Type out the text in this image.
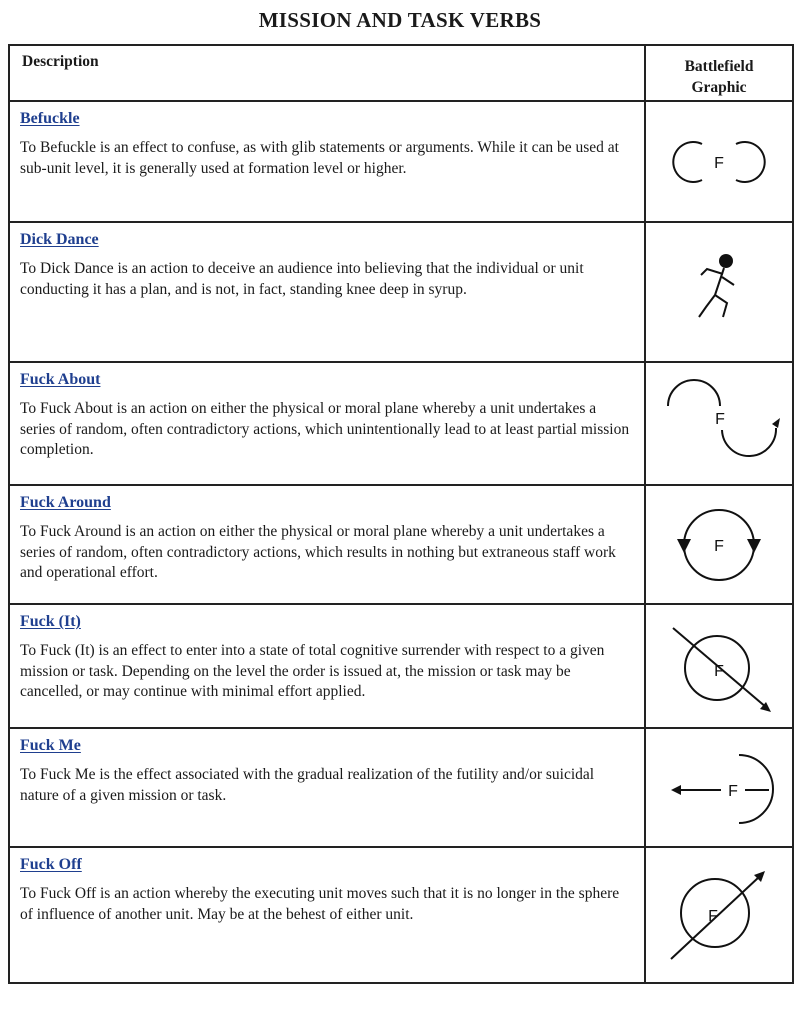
MISSION AND TASK VERBS
Description	Battlefield
Graphic
Befuckle

To Befuckle is an effect to confuse, as with glib statements or arguments. While it can be used at sub-unit level, it is generally used at formation level or higher.	F

Dick Dance

To Dick Dance is an action to deceive an audience into believing that the individual or unit conducting it has a plan, and is not, in fact, standing knee deep in syrup.

Fuck About

To Fuck About is an action on either the physical or moral plane whereby a unit undertakes a series of random, often contradictory actions, which unintentionally lead to at least partial mission completion.	F

Fuck Around

To Fuck Around is an action on either the physical or moral plane whereby a unit undertakes a series of random, often contradictory actions, which results in nothing but extraneous staff work and operational effort.	F

Fuck (It)

To Fuck (It) is an effect to enter into a state of total cognitive surrender with respect to a given mission or task. Depending on the level the order is issued at, the mission or task may be cancelled, or may continue with minimal effort applied.	F

Fuck Me

To Fuck Me is the effect associated with the gradual realization of the futility and/or suicidal nature of a given mission or task.	F

Fuck Off

To Fuck Off is an action whereby the executing unit moves such that it is no longer in the sphere of influence of another unit. May be at the behest of either unit.	F
